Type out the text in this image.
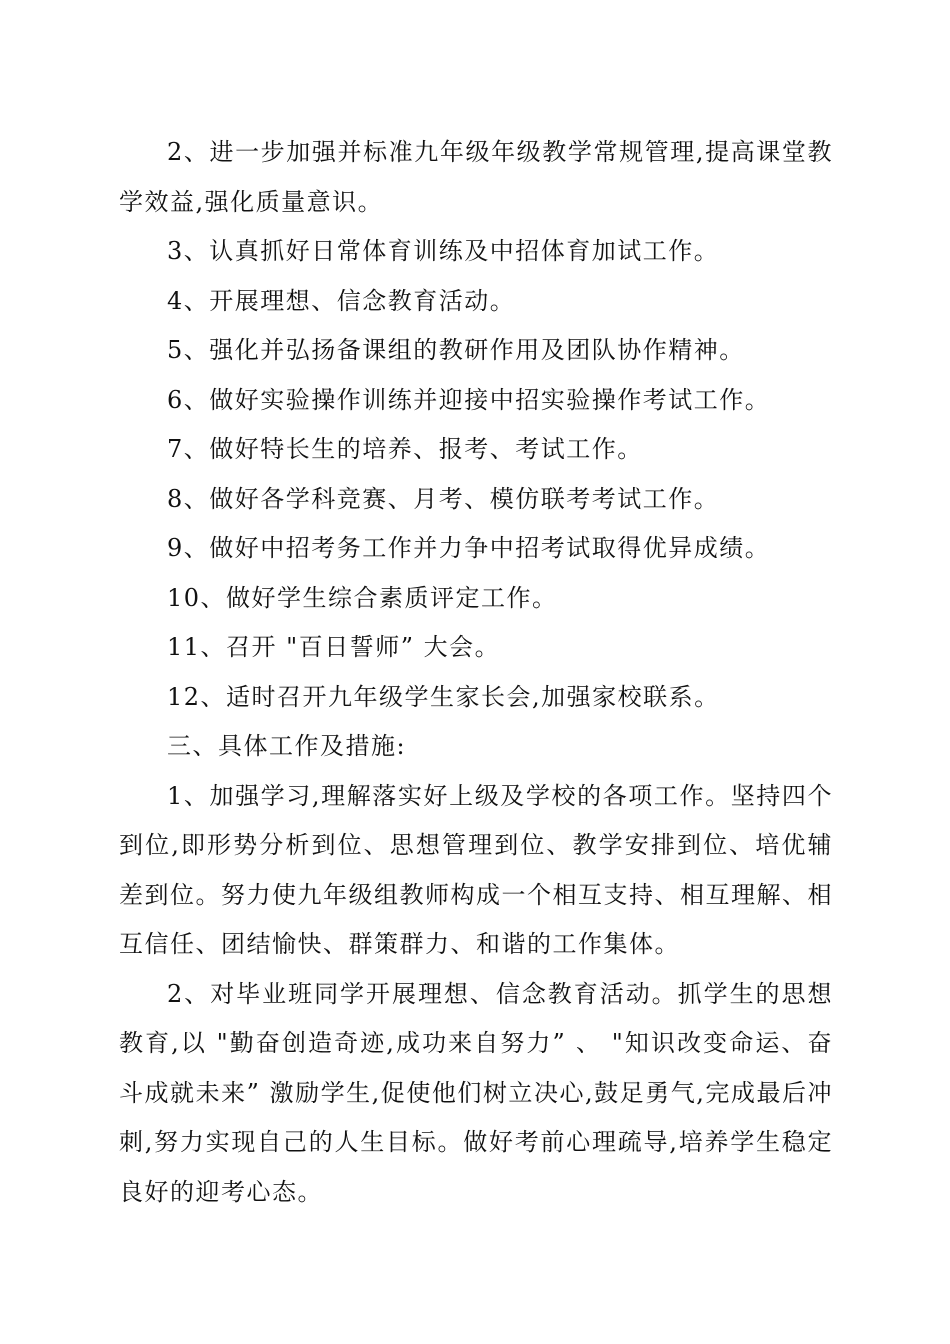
2、进一步加强并标准九年级年级教学常规管理,提高课堂教学效益,强化质量意识。

3、认真抓好日常体育训练及中招体育加试工作。

4、开展理想、信念教育活动。

5、强化并弘扬备课组的教研作用及团队协作精神。

6、做好实验操作训练并迎接中招实验操作考试工作。

7、做好特长生的培养、报考、考试工作。

8、做好各学科竞赛、月考、模仿联考考试工作。

9、做好中招考务工作并力争中招考试取得优异成绩。

10、做好学生综合素质评定工作。

11、召开 "百日誓师” 大会。

12、适时召开九年级学生家长会,加强家校联系。

三、具体工作及措施:

1、加强学习,理解落实好上级及学校的各项工作。坚持四个到位,即形势分析到位、思想管理到位、教学安排到位、培优辅差到位。努力使九年级组教师构成一个相互支持、相互理解、相互信任、团结愉快、群策群力、和谐的工作集体。

2、对毕业班同学开展理想、信念教育活动。抓学生的思想教育,以 "勤奋创造奇迹,成功来自努力” 、 "知识改变命运、奋斗成就未来” 激励学生,促使他们树立决心,鼓足勇气,完成最后冲刺,努力实现自己的人生目标。做好考前心理疏导,培养学生稳定良好的迎考心态。
